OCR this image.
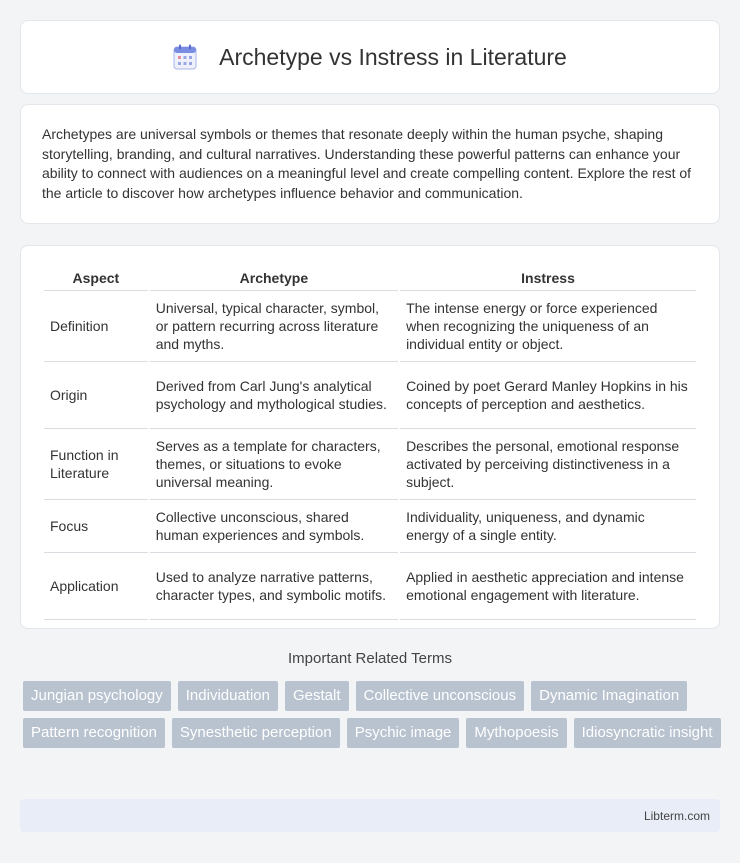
Archetype vs Instress in Literature

Archetypes are universal symbols or themes that resonate deeply within the human psyche, shaping storytelling, branding, and cultural narratives. Understanding these powerful patterns can enhance your ability to connect with audiences on a meaningful level and create compelling content. Explore the rest of the article to discover how archetypes influence behavior and communication.

Aspect	Archetype	Instress
Definition	Universal, typical character, symbol, or pattern recurring across literature and myths.	The intense energy or force experienced when recognizing the uniqueness of an individual entity or object.
Origin	Derived from Carl Jung's analytical psychology and mythological studies.	Coined by poet Gerard Manley Hopkins in his concepts of perception and aesthetics.
Function in Literature	Serves as a template for characters, themes, or situations to evoke universal meaning.	Describes the personal, emotional response activated by perceiving distinctiveness in a subject.
Focus	Collective unconscious, shared human experiences and symbols.	Individuality, uniqueness, and dynamic energy of a single entity.
Application	Used to analyze narrative patterns, character types, and symbolic motifs.	Applied in aesthetic appreciation and intense emotional engagement with literature.
Important Related Terms
Jungian psychology	Individuation	Gestalt	Collective unconscious	Dynamic Imagination
Pattern recognition	Synesthetic perception	Psychic image	Mythopoesis	Idiosyncratic insight
Libterm.com
